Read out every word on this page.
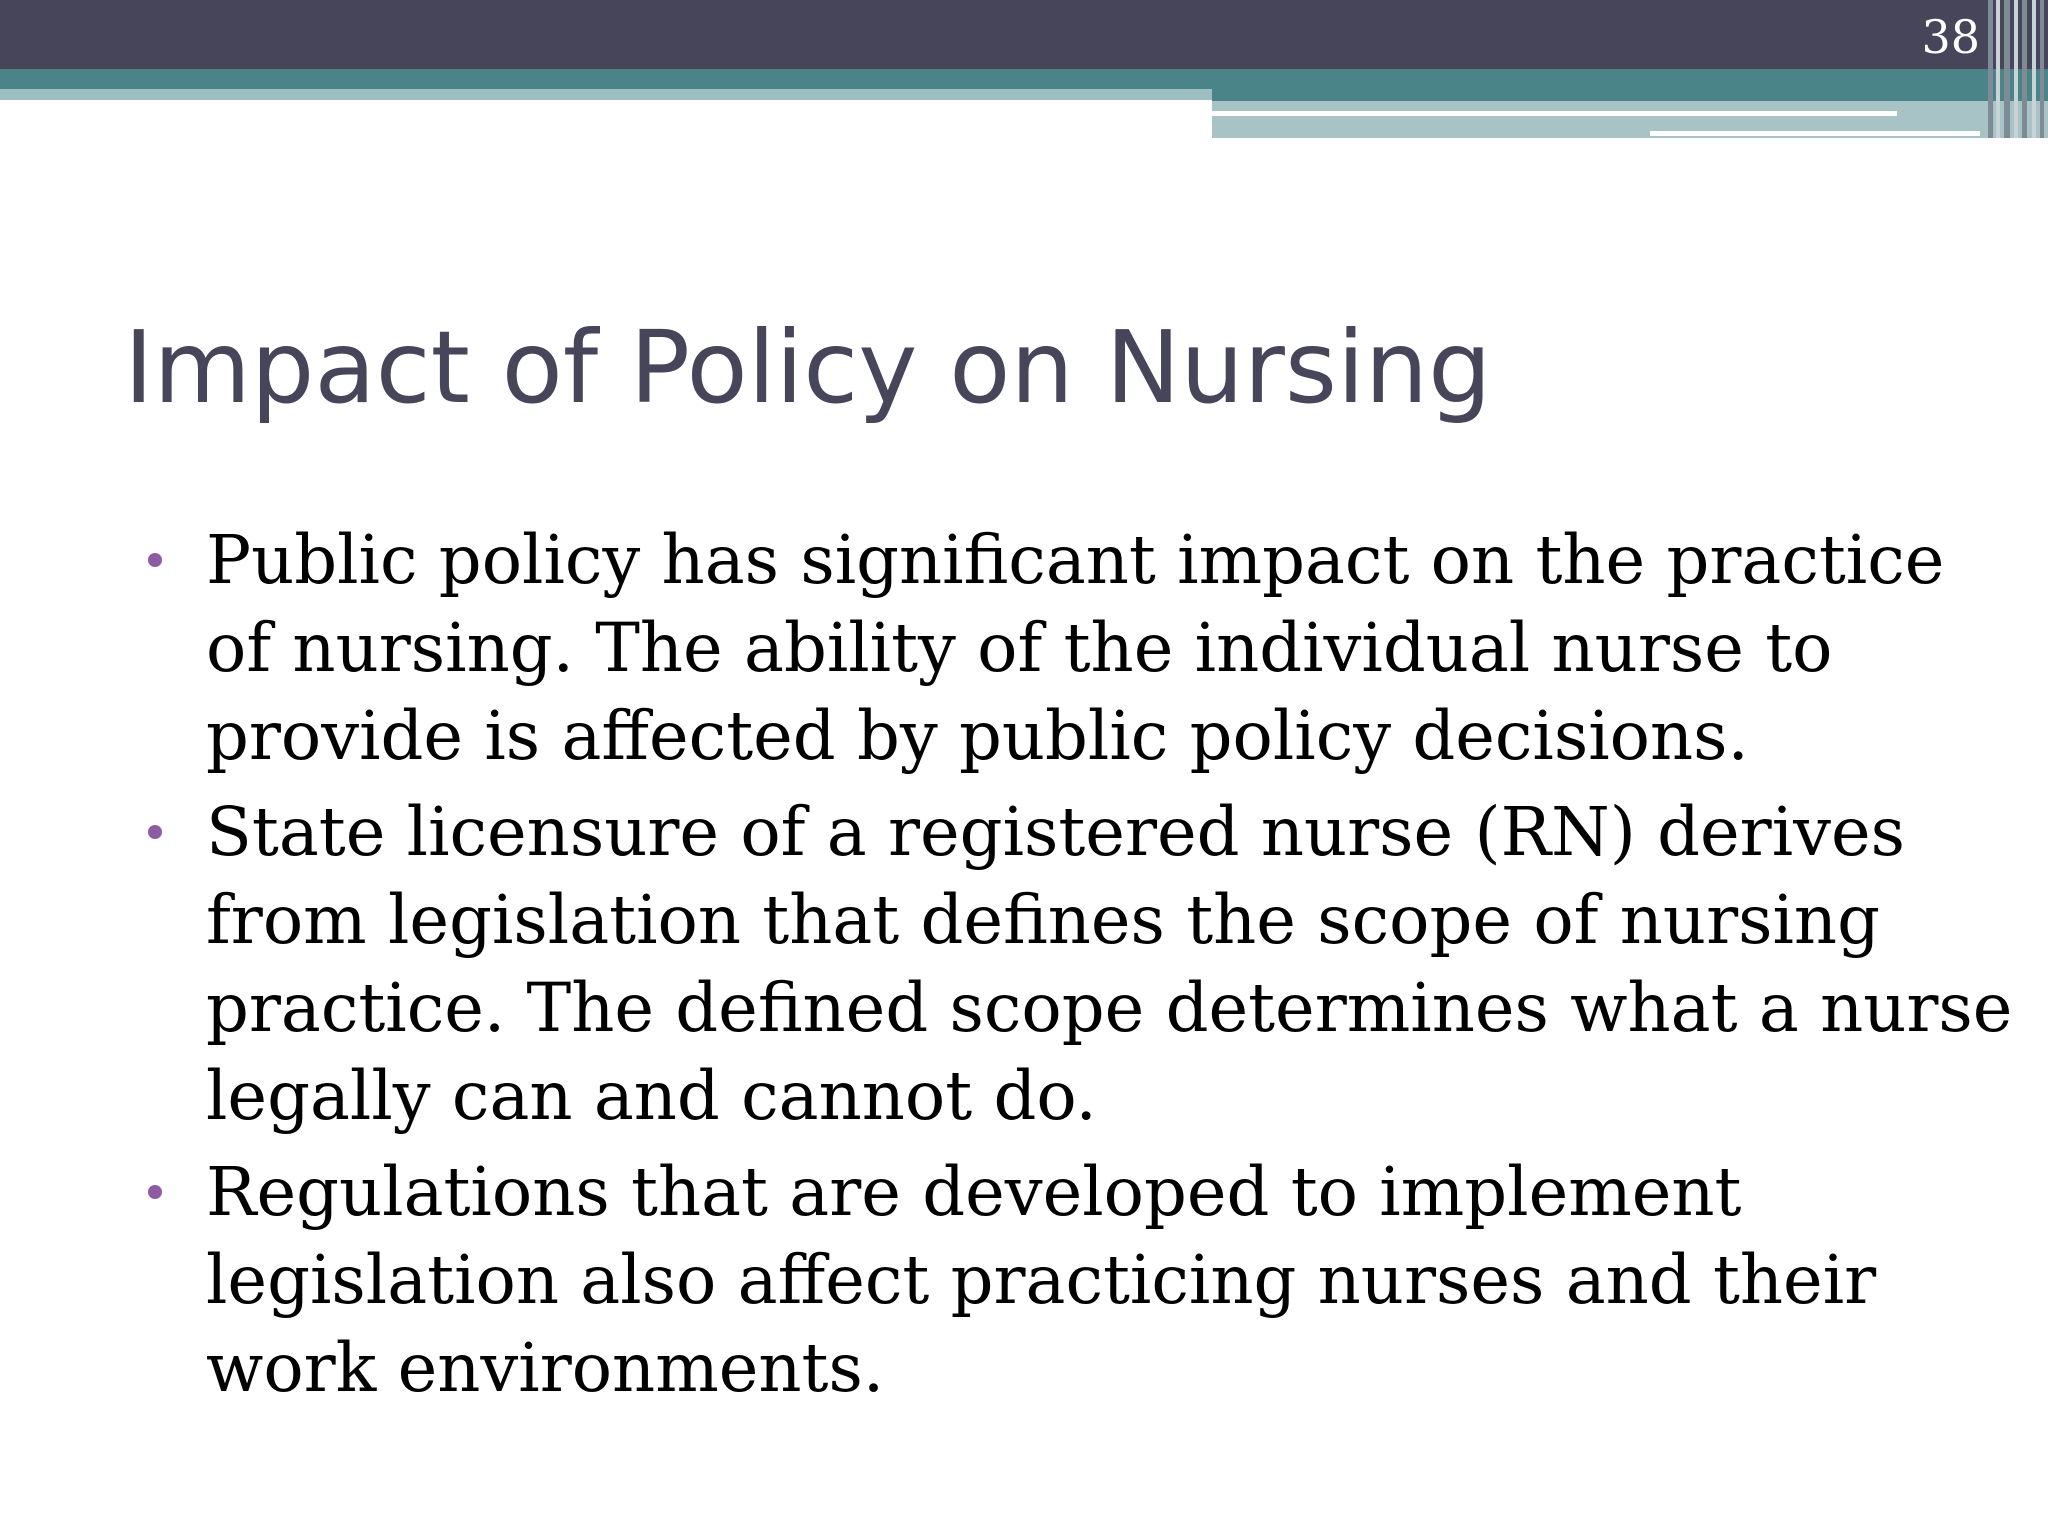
38
Impact of Policy on Nursing
Public policy has significant impact on the practice of nursing. The ability of the individual nurse to provide is affected by public policy decisions.
State licensure of a registered nurse (RN) derives from legislation that defines the scope of nursing practice. The defined scope determines what a nurse legally can and cannot do.
Regulations that are developed to implement legislation also affect practicing nurses and their work environments.
